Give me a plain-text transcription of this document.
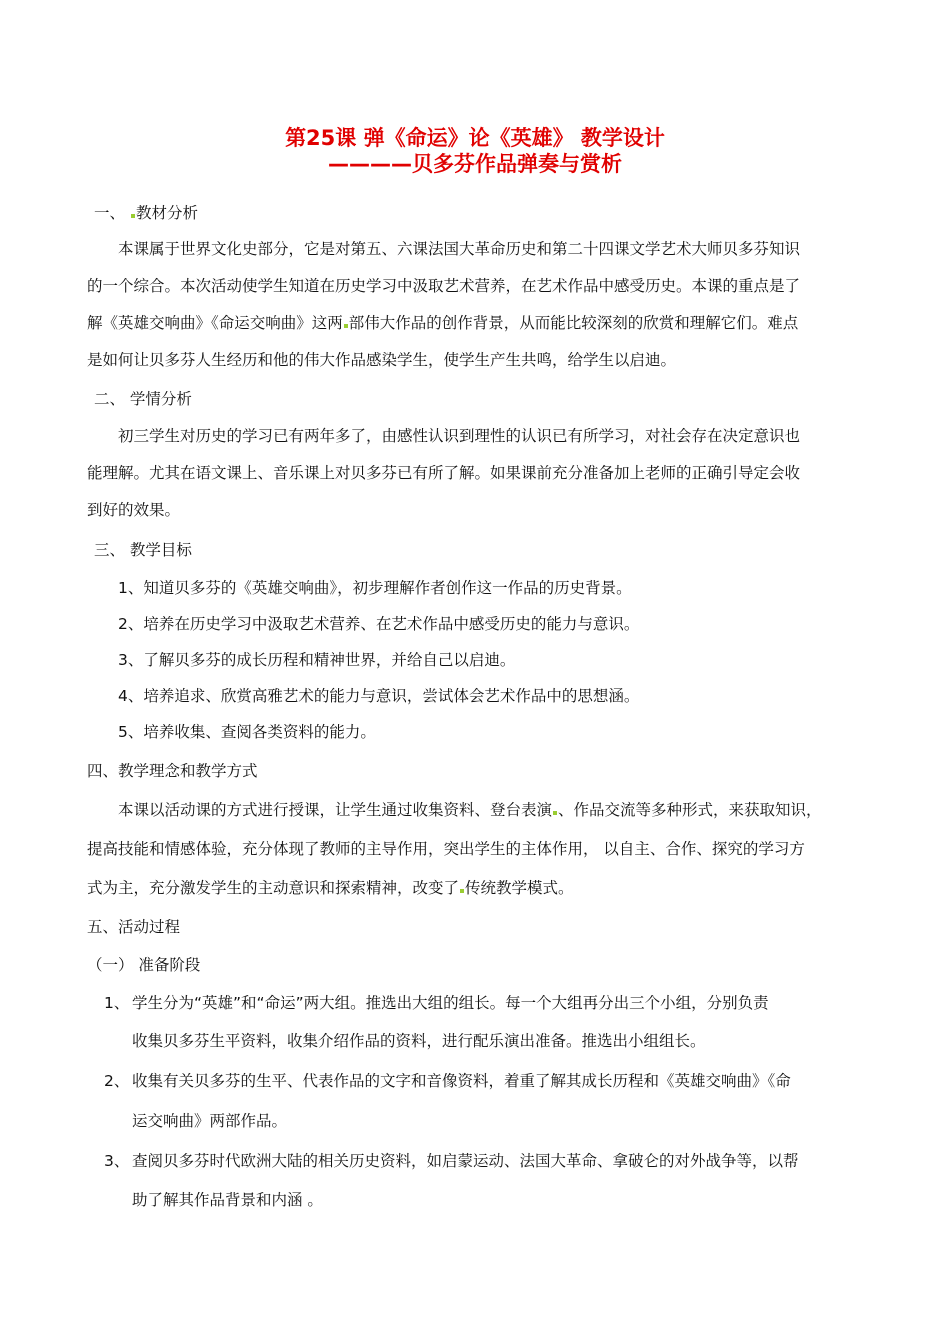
第25课 弹《命运》论《英雄》 教学设计
————贝多芬作品弹奏与赏析

一、 教材分析

本课属于世界文化史部分，它是对第五、六课法国大革命历史和第二十四课文学艺术大师贝多芬知识

的一个综合。本次活动使学生知道在历史学习中汲取艺术营养，在艺术作品中感受历史。本课的重点是了

解《英雄交响曲》《命运交响曲》这两 部伟大作品的创作背景，从而能比较深刻的欣赏和理解它们。难点

是如何让贝多芬人生经历和他的伟大作品感染学生，使学生产生共鸣，给学生以启迪。

二、 学情分析

初三学生对历史的学习已有两年多了，由感性认识到理性的认识已有所学习，对社会存在决定意识也

能理解。尤其在语文课上、音乐课上对贝多芬已有所了解。如果课前充分准备加上老师的正确引导定会收

到好的效果。

三、 教学目标

1、知道贝多芬的《英雄交响曲》，初步理解作者创作这一作品的历史背景。

2、培养在历史学习中汲取艺术营养、在艺术作品中感受历史的能力与意识。

3、了解贝多芬的成长历程和精神世界，并给自己以启迪。

4、培养追求、欣赏高雅艺术的能力与意识，尝试体会艺术作品中的思想涵。

5、培养收集、查阅各类资料的能力。

四、教学理念和教学方式

本课以活动课的方式进行授课，让学生通过收集资料、登台表演 、作品交流等多种形式，来获取知识，

提高技能和情感体验，充分体现了教师的主导作用，突出学生的主体作用， 以自主、合作、探究的学习方

式为主，充分激发学生的主动意识和探索精神，改变了 传统教学模式。

五、活动过程

（一） 准备阶段

1、 学生分为“英雄”和“命运”两大组。推选出大组的组长。每一个大组再分出三个小组，分别负责

收集贝多芬生平资料，收集介绍作品的资料，进行配乐演出准备。推选出小组组长。

2、 收集有关贝多芬的生平、代表作品的文字和音像资料，着重了解其成长历程和《英雄交响曲》《命

运交响曲》两部作品。

3、 查阅贝多芬时代欧洲大陆的相关历史资料，如启蒙运动、法国大革命、拿破仑的对外战争等，以帮

助了解其作品背景和内涵 。
